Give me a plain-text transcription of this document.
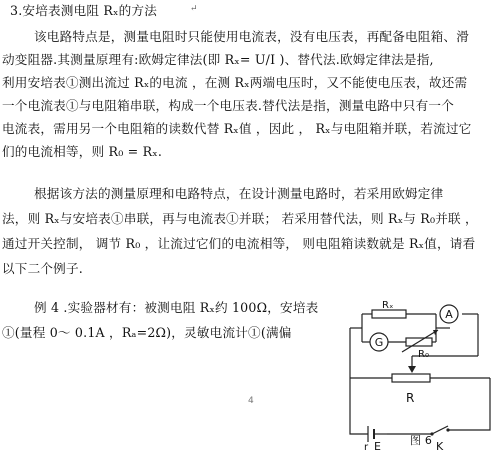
3.安培表测电阻 Rₓ的方法	↵
该电路特点是，测量电阻时只能使用电流表，没有电压表，再配备电阻箱、滑
动变阻器.其测量原理有:欧姆定律法(即 Rₓ= U/I )、替代法.欧姆定律法是指,
利用安培表①测出流过 Rₓ的电流 ，在测 Rₓ两端电压时，又不能使电压表，故还需
一个电流表①与电阻箱串联，构成一个电压表.替代法是指，测量电路中只有一个
电流表，需用另一个电阻箱的读数代替 Rₓ值 ，因此 ， Rₓ与电阻箱并联，若流过它
们的电流相等，则 R₀ = Rₓ.
根据该方法的测量原理和电路特点，在设计测量电路时，若采用欧姆定律
法，则 Rₓ与安培表①串联，再与电流表①并联； 若采用替代法，则 Rₓ与 R₀并联 ，
通过开关控制， 调节 R₀ ，让流过它们的电流相等， 则电阻箱读数就是 Rₓ值，请看
以下二个例子.
例 4 .实验器材有：被测电阻 Rₓ约 100Ω，安培表
①(量程 0～ 0.1A ，Rₐ=2Ω)，灵敏电流计①(满偏
4
A
G
Rₓ
R₀
R
r E	K
图 6
